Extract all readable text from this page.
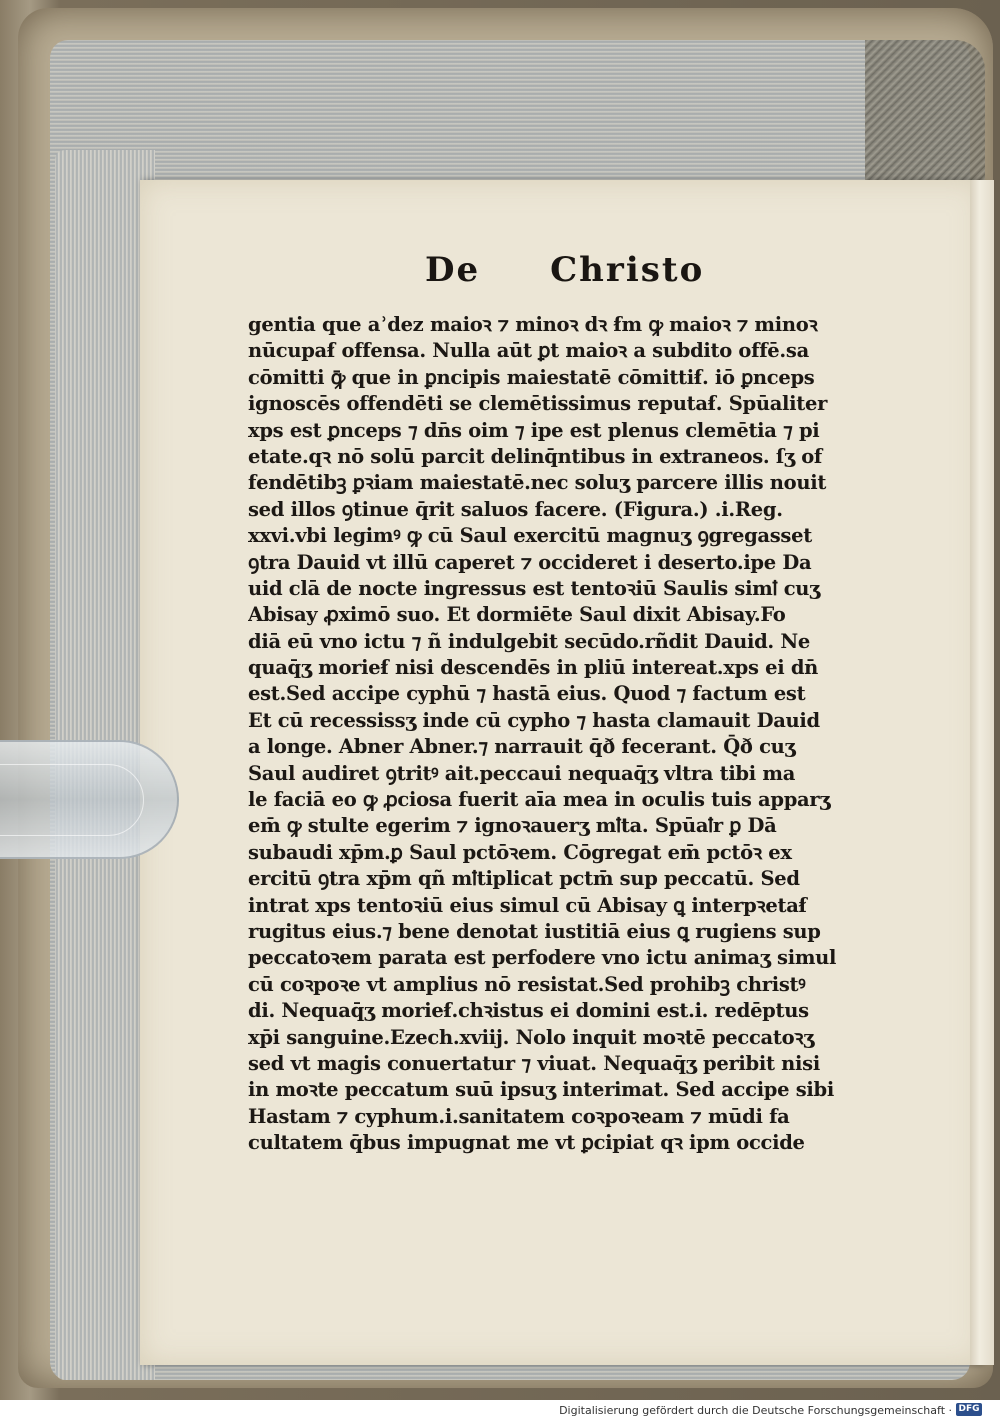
De Christo
gentia que ẚdez maioꝛ ⁊ minoꝛ dꝛ ẜm ꝙ maioꝛ ⁊ minoꝛ
nūcupaẜ offensa. Nulla aūt ꝑt maioꝛ a subdito offē.sa
cōmitti ꝙ̄ que in ꝑncipis maiestatē cōmittiẜ. iō ꝑnceps
ignoscēs offendēti se clemētissimus reputaẜ. Spūaliter
xps est ꝑnceps ⁊ dn̄s oim ⁊ ipe est plenus clemētia ⁊ pi
etate.qꝛ nō solū parcit delinq̄ntibus in extraneos. ſʒ of
fendētibꝫ ꝑꝛiam maiestatē.nec soluʒ parcere illis nouit
sed illos ꝯtinue q̄rit saluos facere. (Figura.) .i.Reg.
xxvi.vbi legimꝰ ꝙ cū Saul exercitū magnuʒ ꝯgregasset
ꝯtra Dauid vt illū caperet ⁊ occideret i deserto.ipe Da
uid clā de nocte ingressus est tentoꝛiū Saulis simꝉ cuʒ
Abisay ꝓximō suo. Et dormiēte Saul dixit Abisay.Fo
diā eū vno ictu ⁊ ñ indulgebit secūdo.rñdit Dauid. Ne
quaq̄ʒ morieẜ nisi descendēs in pliū intereat.xps ei dn̄
est.Sed accipe cyphū ⁊ hastā eius. Quod ⁊ factum est
Et cū recessissʒ inde cū cypho ⁊ hasta clamauit Dauid
a longe. Abner Abner.⁊ narrauit q̄ð fecerant. Q̄ð cuʒ
Saul audiret ꝯtritꝰ ait.peccaui nequaq̄ʒ vltra tibi ma
le faciā eo ꝙ ꝓciosa fuerit aīa mea in oculis tuis apparʒ
em̄ ꝙ stulte egerim ⁊ ignoꝛauerʒ mꝉta. Spūaꝉr ꝑ Dā
subaudi xp̄m.ꝑ Saul pctōꝛem. Cōgregat em̄ pctōꝛ ex
ercitū ꝯtra xp̄m qñ mꝉtiplicat pctm̄ sup peccatū. Sed
intrat xps tentoꝛiū eius simul cū Abisay ꝗ interpꝛetaẜ
rugitus eius.⁊ bene denotat iustitiā eius ꝗ rugiens sup
peccatoꝛem parata est perfodere vno ictu animaʒ simul
cū coꝛpoꝛe vt amplius nō resistat.Sed prohibꝫ christꝰ
di. Nequaq̄ʒ morieẜ.chꝛistus ei domini est.i. redēptus
xp̄i sanguine.Ezech.xviij. Nolo inquit moꝛtē peccatoꝛʒ
sed vt magis conuertatur ⁊ viuat. Nequaq̄ʒ peribit nisi
in moꝛte peccatum suū ipsuʒ interimat. Sed accipe sibi
Hastam ⁊ cyphum.i.sanitatem coꝛpoꝛeam ⁊ mūdi fa
cultatem q̄bus impugnat me vt ꝑcipiat qꝛ ipm occide
Digitalisierung gefördert durch die Deutsche Forschungsgemeinschaft · DFG
